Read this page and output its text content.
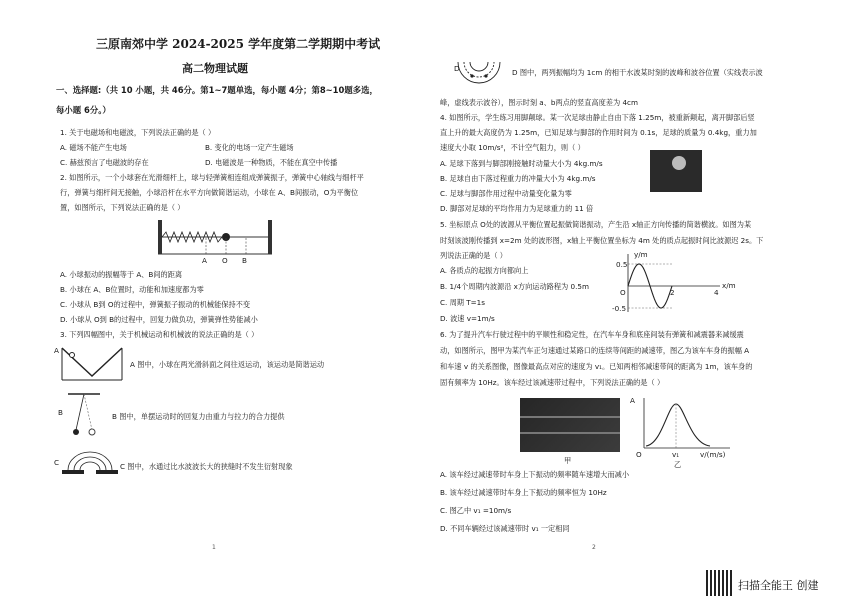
三原南郊中学 2024-2025 学年度第二学期期中考试
高二物理试题
一、选择题:（共 10 小题，共 46分。第1~7题单选，每小题 4分；第8~10题多选，
每小题 6分。）
1. 关于电磁场和电磁波，下列说法正确的是（ ）
A. 磁场不能产生电场	B. 变化的电场一定产生磁场
C. 赫兹预言了电磁波的存在	D. 电磁波是一种物质，不能在真空中传播
2. 如图所示，一个小球套在光滑细杆上，球与轻弹簧相连组成弹簧振子，弹簧中心轴线与细杆平
行，弹簧与细杆间无接触，小球沿杆在水平方向做简谐运动，小球在 A、B间振动，O为平衡位
置，如图所示，下列说法正确的是（ ）
A O B
A. 小球振动的振幅等于 A、B间的距离
B. 小球在 A、B位置时，动能和加速度都为零
C. 小球从 B到 O的过程中，弹簧振子振动的机械能保持不变
D. 小球从 O到 B的过程中，回复力做负功，弹簧弹性势能减小
3. 下列四幅图中，关于机械运动和机械波的说法正确的是（ ）
A
A 图中，小球在两光滑斜面之间往返运动，该运动是简谐运动
B	B 图中，单摆运动时的回复力由重力与拉力的合力提供
C	C 图中，水通过比水波波长大的狭缝时不发生衍射现象
1
D	D 图中，两列振幅均为 1cm 的相干水波某时刻的波峰和波谷位置（实线表示波
峰，虚线表示波谷），图示时刻 a、b两点的竖直高度差为 4cm
4. 如图所示，学生练习用脚颠球。某一次足球由静止自由下落 1.25m，被重新颠起，离开脚部后竖
直上升的最大高度仍为 1.25m，已知足球与脚部的作用时间为 0.1s，足球的质量为 0.4kg，重力加
速度大小取 10m/s²，不计空气阻力，则（ ）
A. 足球下落到与脚部刚接触时动量大小为 4kg.m/s
B. 足球自由下落过程重力的冲量大小为 4kg.m/s
C. 足球与脚部作用过程中动量变化量为零
D. 脚部对足球的平均作用力为足球重力的 11 倍
5. 坐标原点 O处的波源从平衡位置起振做简谐振动，产生沿 x轴正方向传播的简谐横波。如图为某
时刻该波刚传播到 x=2m 处的波形图，x轴上平衡位置坐标为 4m 处的质点起振时间比波源迟 2s。下
列说法正确的是（ ）
A. 各质点的起振方向都向上
B. 1/4个周期内波源沿 x方向运动路程为 0.5m
C. 周期 T=1s
D. 波速 v=1m/s
y/m
x/m
0.5
-0.5
O	2	4
6. 为了提升汽车行驶过程中的平顺性和稳定性，在汽车车身和底座间装有弹簧和减震器来减缓震
动，如图所示，图甲为某汽车正匀速通过某路口的连续等间距的减速带，图乙为该车车身的振幅 A
和车速 v 的关系图像，图像最高点对应的速度为 v₁。已知两相邻减速带间的距离为 1m，该车身的
固有频率为 10Hz。该车经过该减速带过程中，下列说法正确的是（ ）
甲
A
v/(m/s)
O	v₁
乙
A. 该车经过减速带时车身上下振动的频率随车速增大而减小
B. 该车经过减速带时车身上下振动的频率恒为 10Hz
C. 图乙中 v₁ =10m/s
D. 不同车辆经过该减速带时 v₁ 一定相同
2
扫描全能王 创建
